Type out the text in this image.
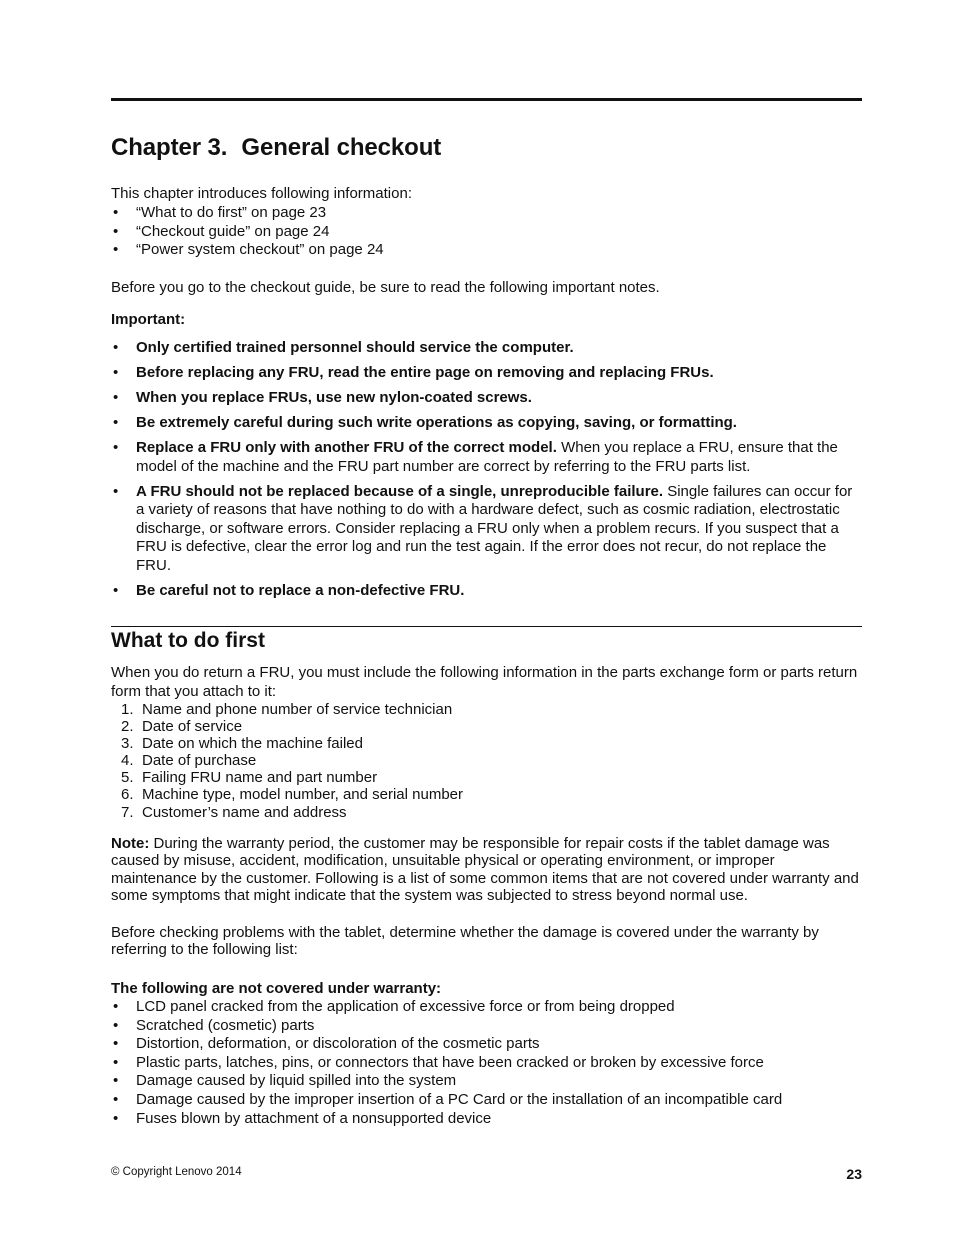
Chapter 3. General checkout

This chapter introduces following information:

• “What to do first” on page 23
• “Checkout guide” on page 24
• “Power system checkout” on page 24

Before you go to the checkout guide, be sure to read the following important notes.

Important:

• Only certified trained personnel should service the computer.
• Before replacing any FRU, read the entire page on removing and replacing FRUs.
• When you replace FRUs, use new nylon-coated screws.
• Be extremely careful during such write operations as copying, saving, or formatting.
• Replace a FRU only with another FRU of the correct model. When you replace a FRU, ensure that the model of the machine and the FRU part number are correct by referring to the FRU parts list.
• A FRU should not be replaced because of a single, unreproducible failure. Single failures can occur for a variety of reasons that have nothing to do with a hardware defect, such as cosmic radiation, electrostatic discharge, or software errors. Consider replacing a FRU only when a problem recurs. If you suspect that a FRU is defective, clear the error log and run the test again. If the error does not recur, do not replace the FRU.
• Be careful not to replace a non-defective FRU.
What to do first

When you do return a FRU, you must include the following information in the parts exchange form or parts return form that you attach to it:

1. Name and phone number of service technician
2. Date of service
3. Date on which the machine failed
4. Date of purchase
5. Failing FRU name and part number
6. Machine type, model number, and serial number
7. Customer’s name and address

Note: During the warranty period, the customer may be responsible for repair costs if the tablet damage was caused by misuse, accident, modification, unsuitable physical or operating environment, or improper maintenance by the customer. Following is a list of some common items that are not covered under warranty and some symptoms that might indicate that the system was subjected to stress beyond normal use.

Before checking problems with the tablet, determine whether the damage is covered under the warranty by referring to the following list:

The following are not covered under warranty:

• LCD panel cracked from the application of excessive force or from being dropped
• Scratched (cosmetic) parts
• Distortion, deformation, or discoloration of the cosmetic parts
• Plastic parts, latches, pins, or connectors that have been cracked or broken by excessive force
• Damage caused by liquid spilled into the system
• Damage caused by the improper insertion of a PC Card or the installation of an incompatible card
• Fuses blown by attachment of a nonsupported device
© Copyright Lenovo 2014	23
